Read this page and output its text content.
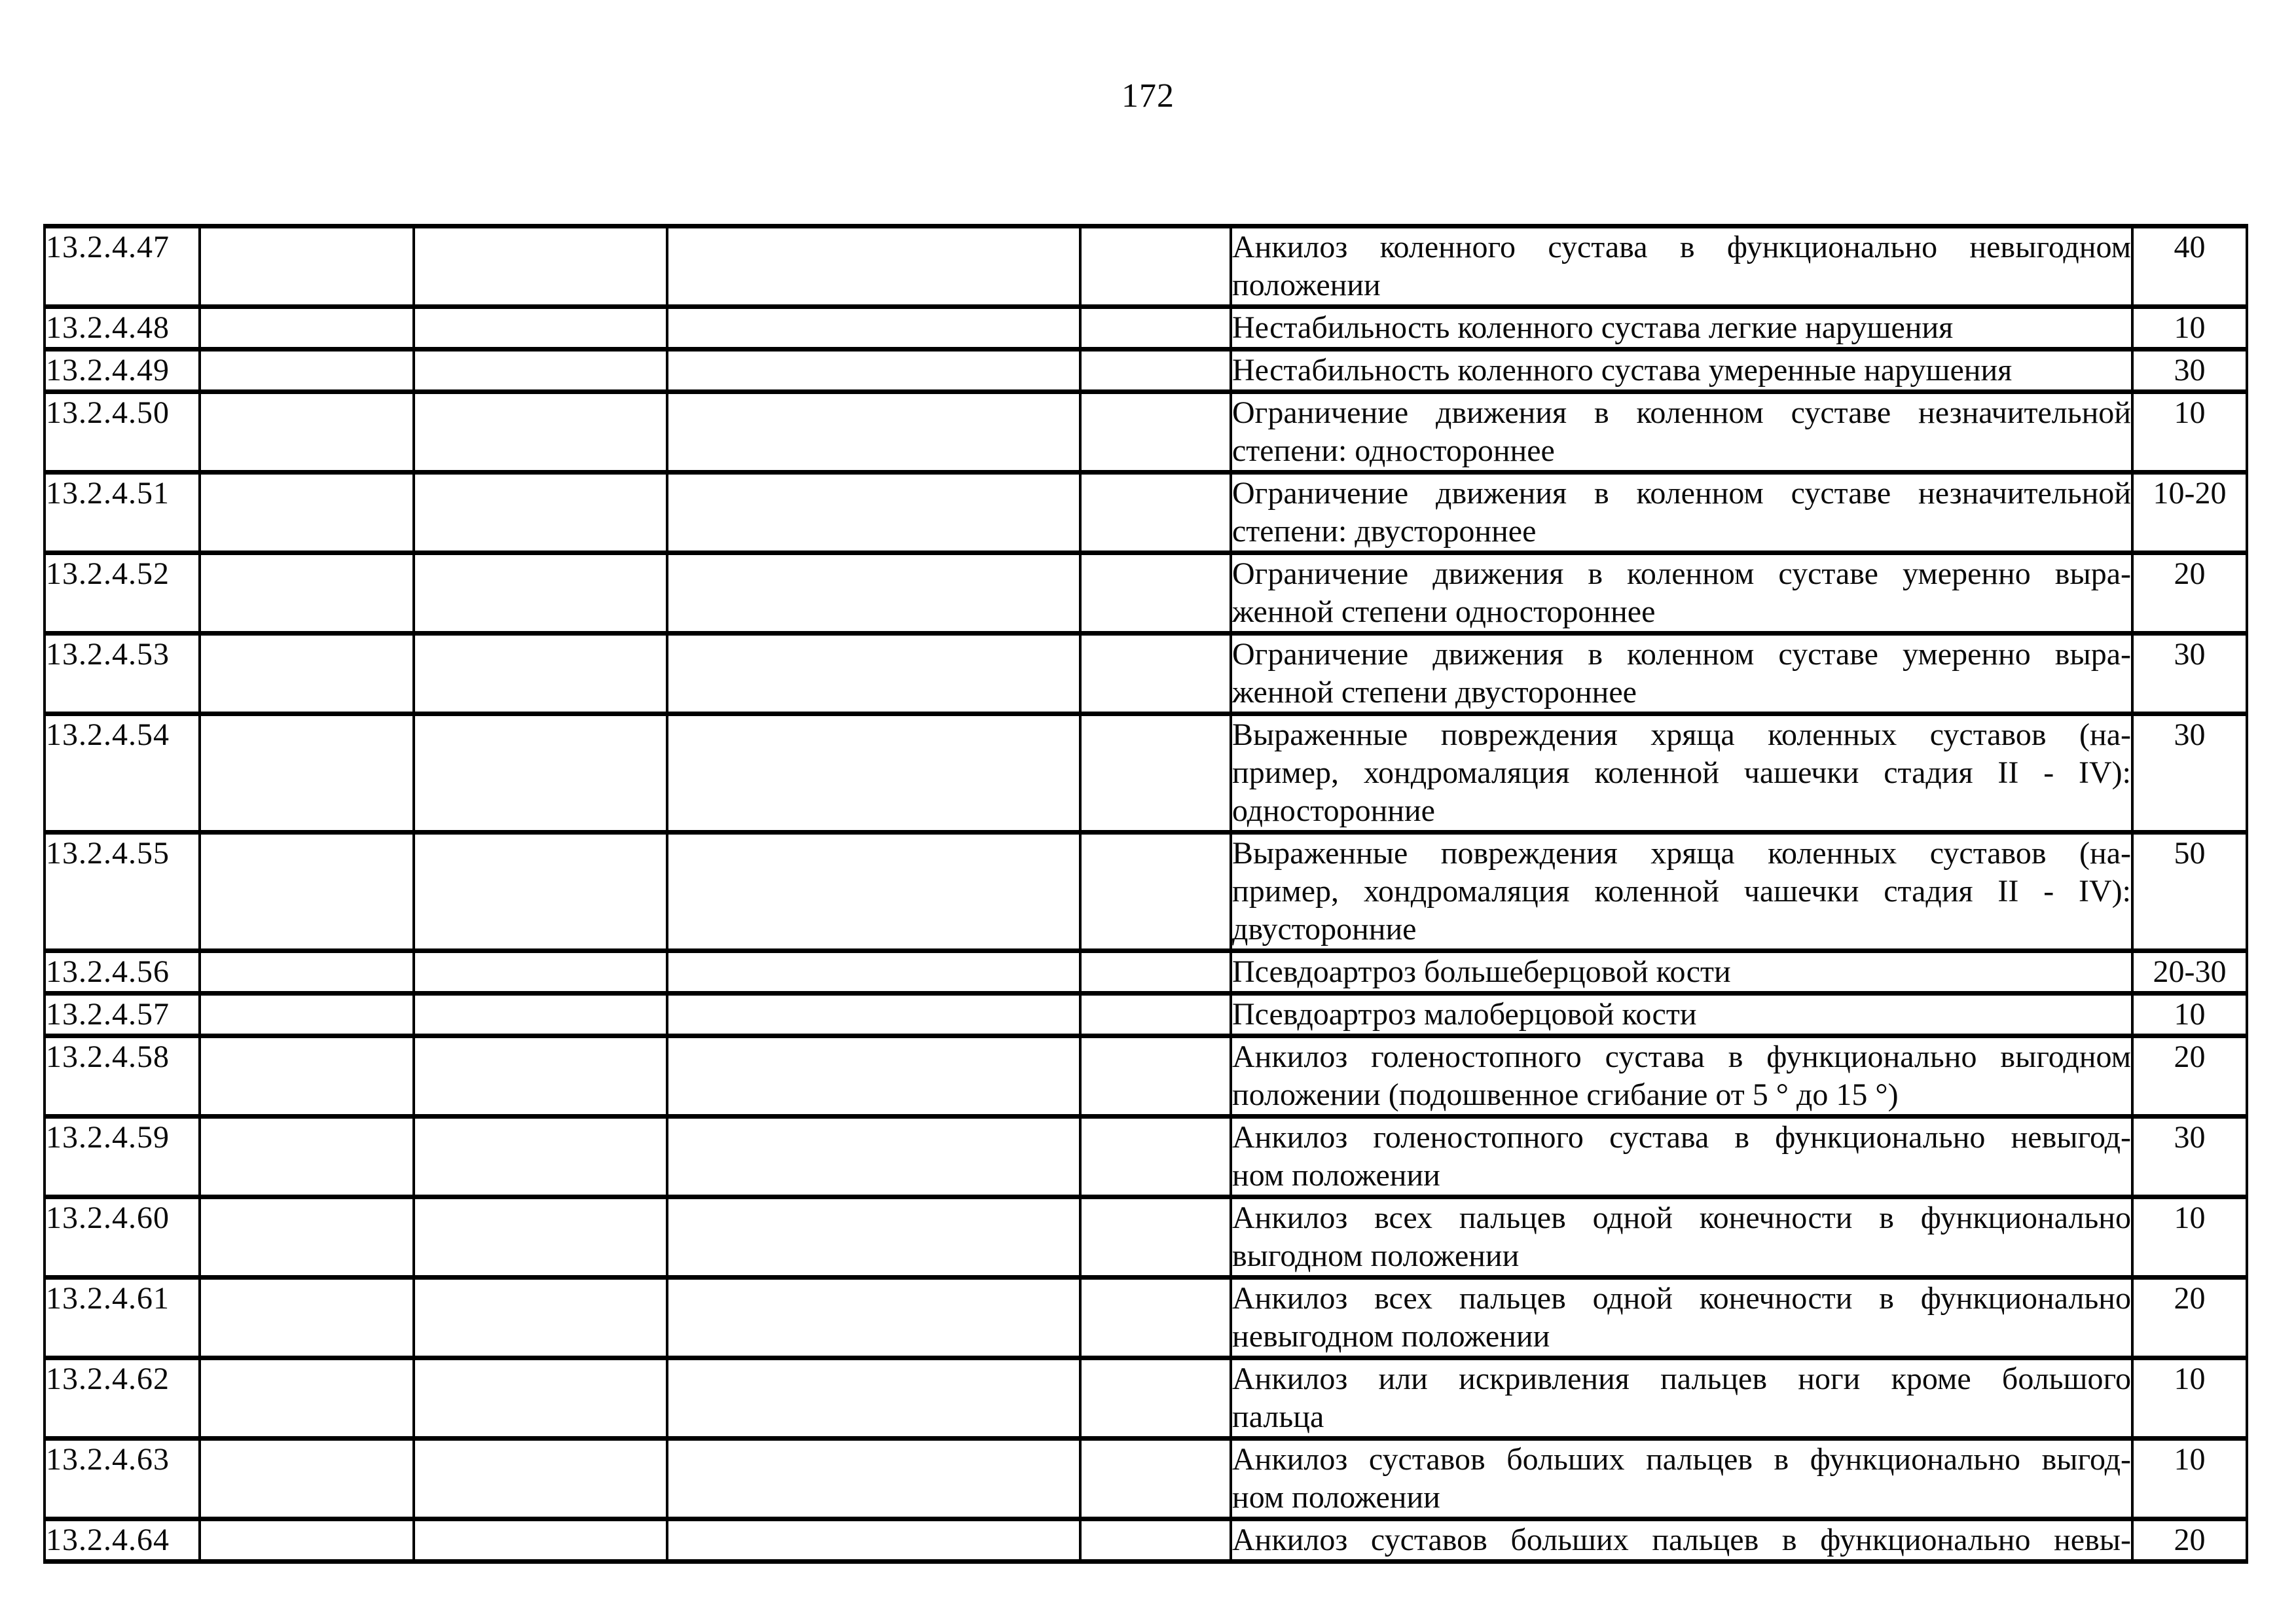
172
13.2.4.47					Анкилоз коленного сустава в функционально невыгодном
положении	40
13.2.4.48					Нестабильность коленного сустава легкие нарушения	10
13.2.4.49					Нестабильность коленного сустава умеренные нарушения	30
13.2.4.50					Ограничение движения в коленном суставе незначительной
степени: одностороннее	10
13.2.4.51					Ограничение движения в коленном суставе незначительной
степени: двустороннее	10-20
13.2.4.52					Ограничение движения в коленном суставе умеренно выра-
женной степени одностороннее	20
13.2.4.53					Ограничение движения в коленном суставе умеренно выра-
женной степени двустороннее	30
13.2.4.54					Выраженные повреждения хряща коленных суставов (на-
пример, хондромаляция коленной чашечки стадия II - IV):
односторонние	30
13.2.4.55					Выраженные повреждения хряща коленных суставов (на-
пример, хондромаляция коленной чашечки стадия II - IV):
двусторонние	50
13.2.4.56					Псевдоартроз большеберцовой кости	20-30
13.2.4.57					Псевдоартроз малоберцовой кости	10
13.2.4.58					Анкилоз голеностопного сустава в функционально выгодном
положении (подошвенное сгибание от 5 ° до 15 °)	20
13.2.4.59					Анкилоз голеностопного сустава в функционально невыгод-
ном положении	30
13.2.4.60					Анкилоз всех пальцев одной конечности в функционально
выгодном положении	10
13.2.4.61					Анкилоз всех пальцев одной конечности в функционально
невыгодном положении	20
13.2.4.62					Анкилоз или искривления пальцев ноги кроме большого
пальца	10
13.2.4.63					Анкилоз суставов больших пальцев в функционально выгод-
ном положении	10
13.2.4.64					Анкилоз суставов больших пальцев в функционально невы-	20
